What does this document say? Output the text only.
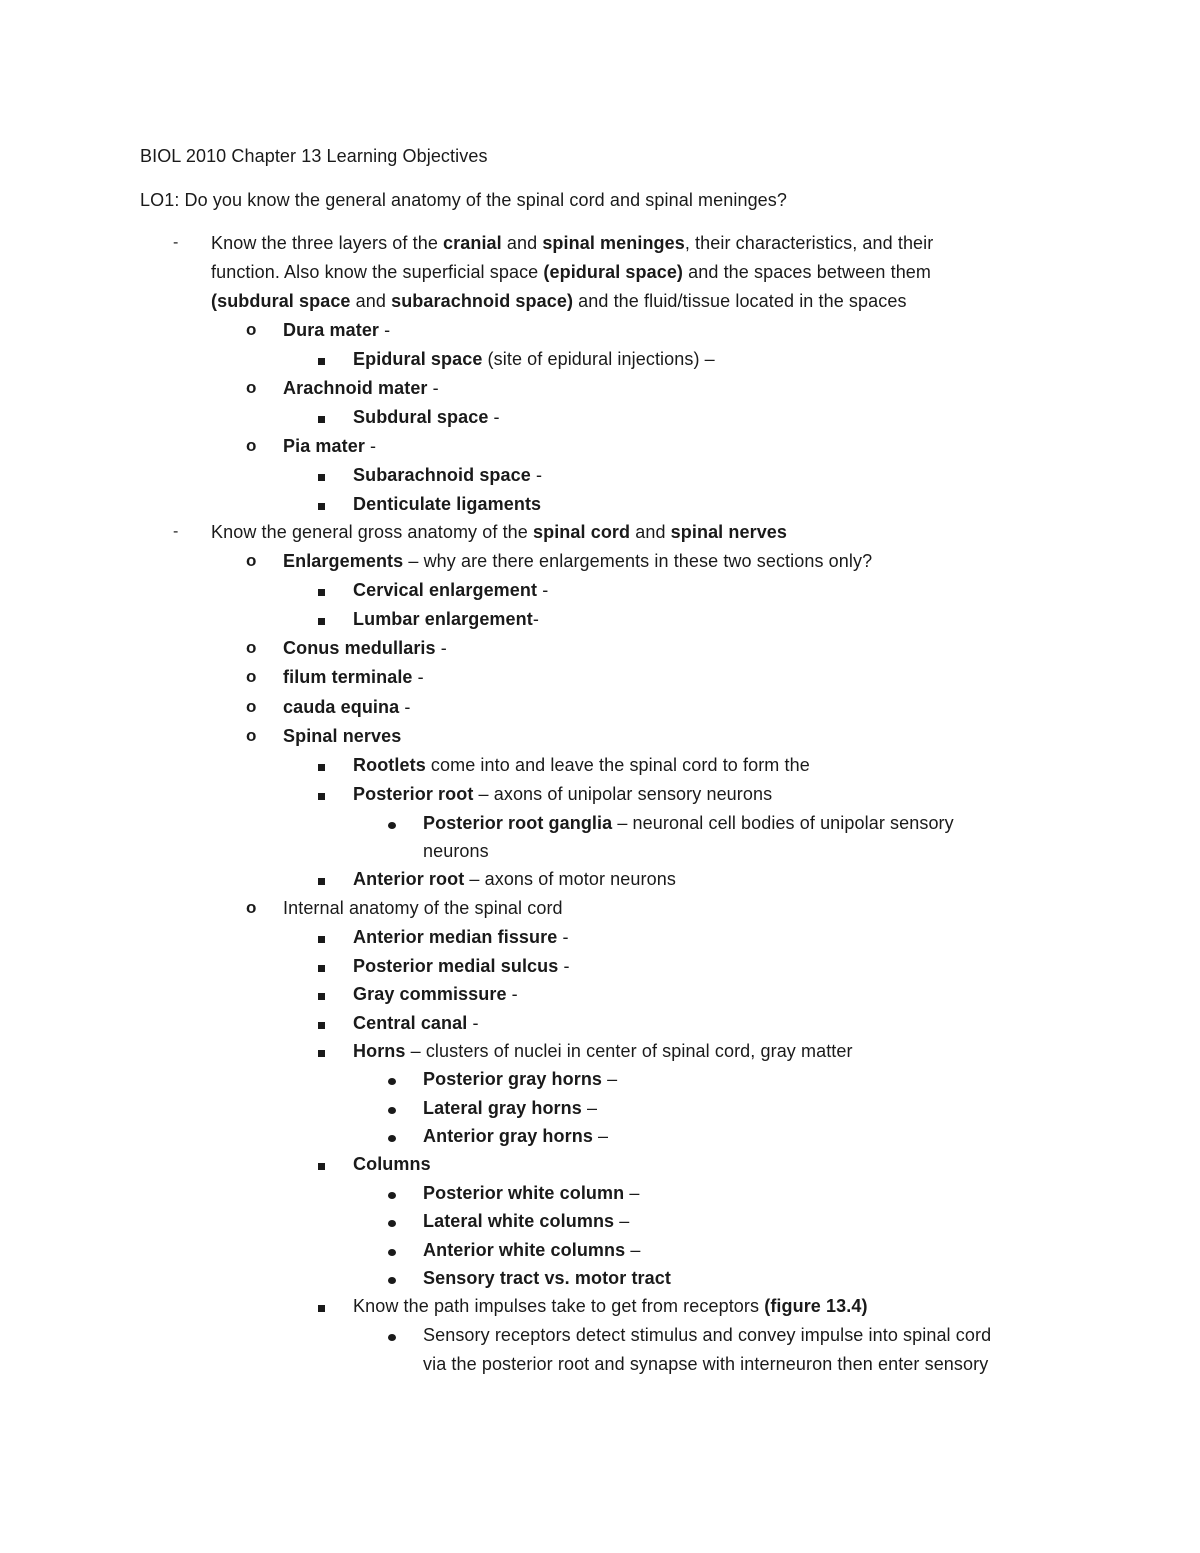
BIOL 2010 Chapter 13 Learning Objectives
LO1: Do you know the general anatomy of the spinal cord and spinal meninges?
- Know the three layers of the cranial and spinal meninges, their characteristics, and their
function. Also know the superficial space (epidural space) and the spaces between them
(subdural space and subarachnoid space) and the fluid/tissue located in the spaces
o Dura mater -
Epidural space (site of epidural injections) –
o Arachnoid mater -
Subdural space -
o Pia mater -
Subarachnoid space -
Denticulate ligaments
- Know the general gross anatomy of the spinal cord and spinal nerves
o Enlargements – why are there enlargements in these two sections only?
Cervical enlargement -
Lumbar enlargement-
o Conus medullaris -
o filum terminale -
o cauda equina -
o Spinal nerves
Rootlets come into and leave the spinal cord to form the
Posterior root – axons of unipolar sensory neurons
Posterior root ganglia – neuronal cell bodies of unipolar sensory
neurons
Anterior root – axons of motor neurons
o Internal anatomy of the spinal cord
Anterior median fissure -
Posterior medial sulcus -
Gray commissure -
Central canal -
Horns – clusters of nuclei in center of spinal cord, gray matter
Posterior gray horns –
Lateral gray horns –
Anterior gray horns –
Columns
Posterior white column –
Lateral white columns –
Anterior white columns –
Sensory tract vs. motor tract
Know the path impulses take to get from receptors (figure 13.4)
Sensory receptors detect stimulus and convey impulse into spinal cord
via the posterior root and synapse with interneuron then enter sensory
